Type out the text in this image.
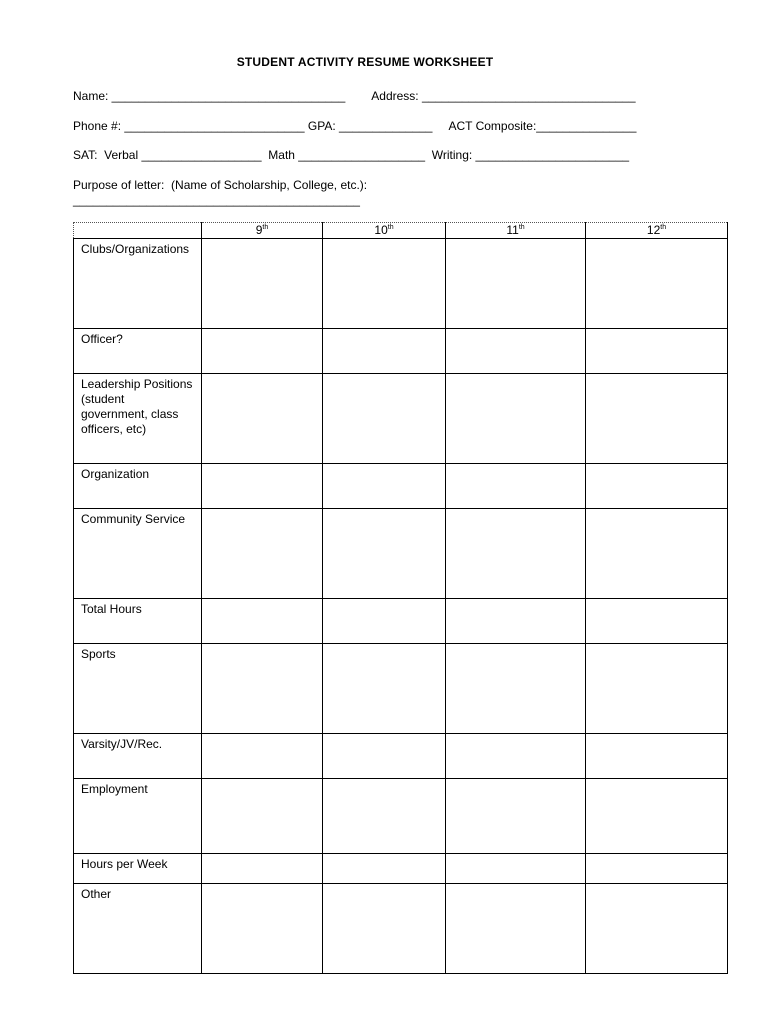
STUDENT ACTIVITY RESUME WORKSHEET
Name: ___________________________________        Address: ________________________________
Phone #: ___________________________ GPA: ______________     ACT Composite:_______________
SAT:  Verbal __________________  Math ___________________  Writing: _______________________
Purpose of letter:  (Name of Scholarship, College, etc.):
___________________________________________
	9th	10th	11th	12th
Clubs/Organizations				
Officer?				
Leadership Positions (student government, class officers, etc)				
Organization				
Community Service				
Total Hours				
Sports				
Varsity/JV/Rec.				
Employment				
Hours per Week				
Other				
